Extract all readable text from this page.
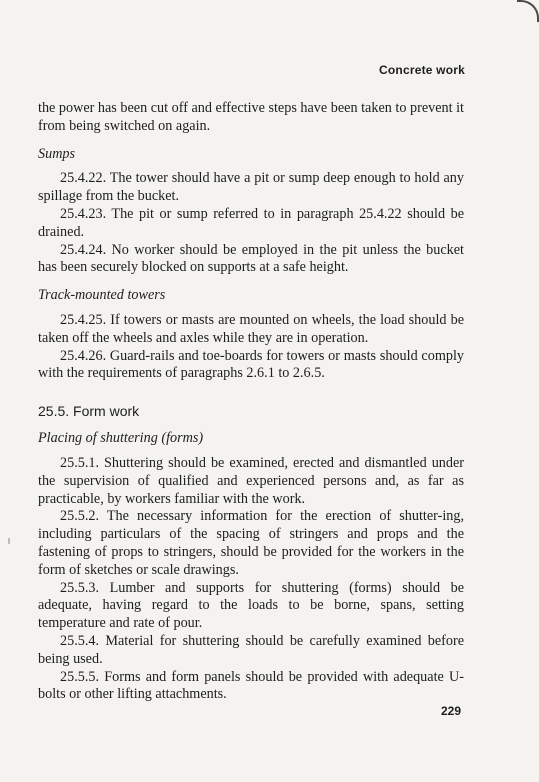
Concrete work

the power has been cut off and effective steps have been taken to prevent it from being switched on again.

Sumps

25.4.22. The tower should have a pit or sump deep enough to hold any spillage from the bucket.

25.4.23. The pit or sump referred to in paragraph 25.4.22 should be drained.

25.4.24. No worker should be employed in the pit unless the bucket has been securely blocked on supports at a safe height.

Track-mounted towers

25.4.25. If towers or masts are mounted on wheels, the load should be taken off the wheels and axles while they are in operation.

25.4.26. Guard-rails and toe-boards for towers or masts should comply with the requirements of paragraphs 2.6.1 to 2.6.5.

25.5. Form work
Placing of shuttering (forms)

25.5.1. Shuttering should be examined, erected and dismantled under the supervision of qualified and experienced persons and, as far as practicable, by workers familiar with the work.

25.5.2. The necessary information for the erection of shutter-ing, including particulars of the spacing of stringers and props and the fastening of props to stringers, should be provided for the workers in the form of sketches or scale drawings.

25.5.3. Lumber and supports for shuttering (forms) should be adequate, having regard to the loads to be borne, spans, setting temperature and rate of pour.

25.5.4. Material for shuttering should be carefully examined before being used.

25.5.5. Forms and form panels should be provided with adequate U-bolts or other lifting attachments.

229
